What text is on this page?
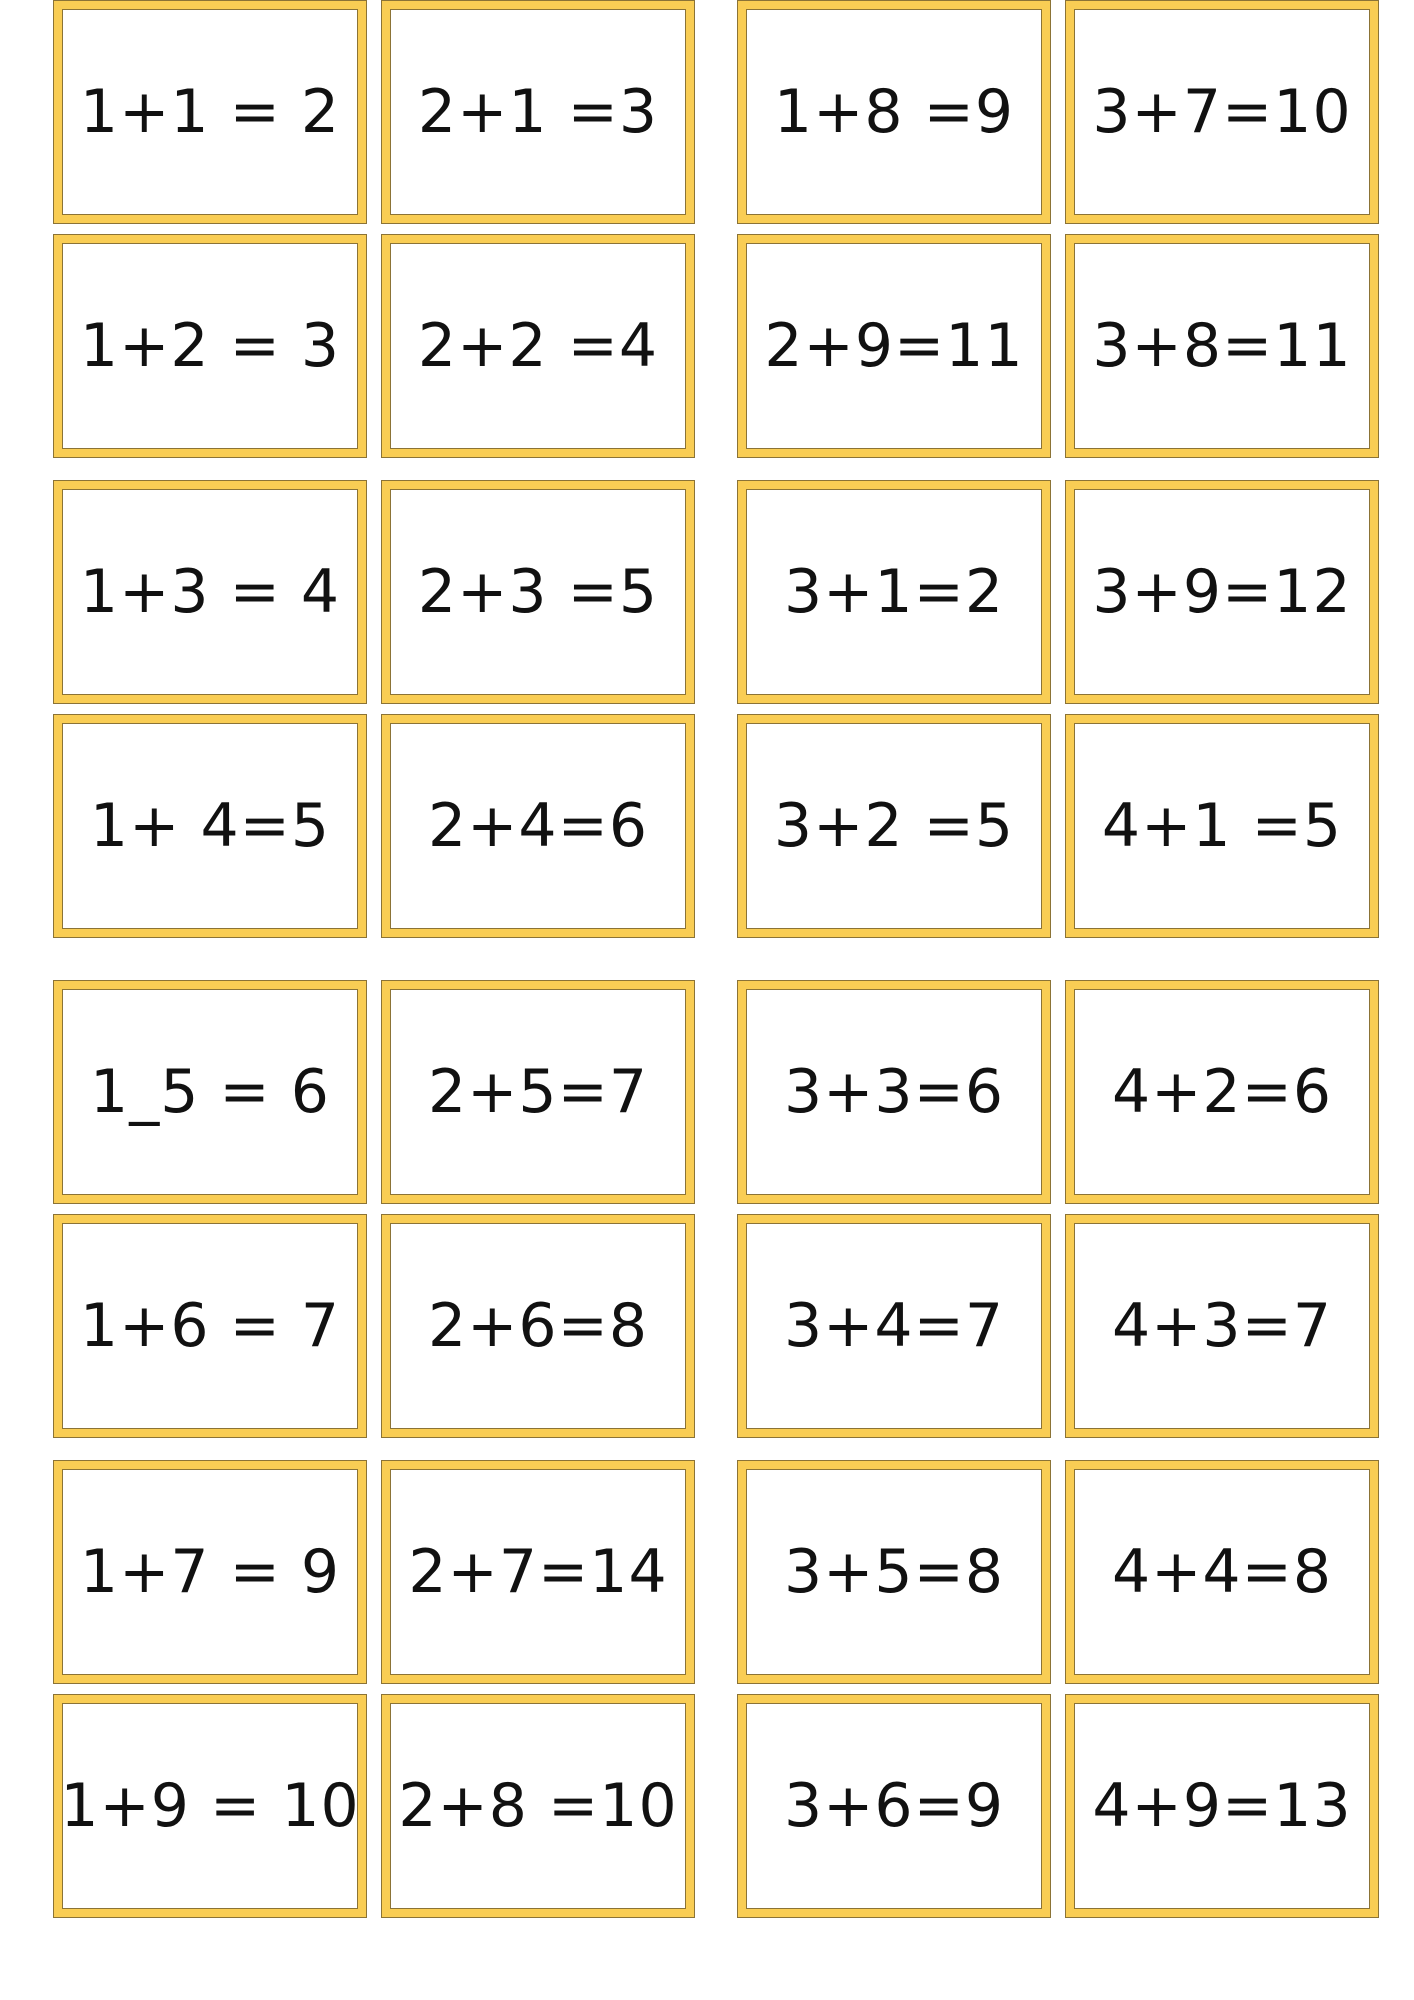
1+1 = 2 2+1 =3 1+8 =9 3+7=10
1+2 = 3 2+2 =4 2+9=11 3+8=11
1+3 = 4 2+3 =5 3+1=2 3+9=12
1+ 4=5 2+4=6 3+2 =5 4+1 =5
1_5 = 6 2+5=7 3+3=6 4+2=6
1+6 = 7 2+6=8 3+4=7 4+3=7
1+7 = 9 2+7=14 3+5=8 4+4=8
1+9 = 10 2+8 =10 3+6=9 4+9=13
